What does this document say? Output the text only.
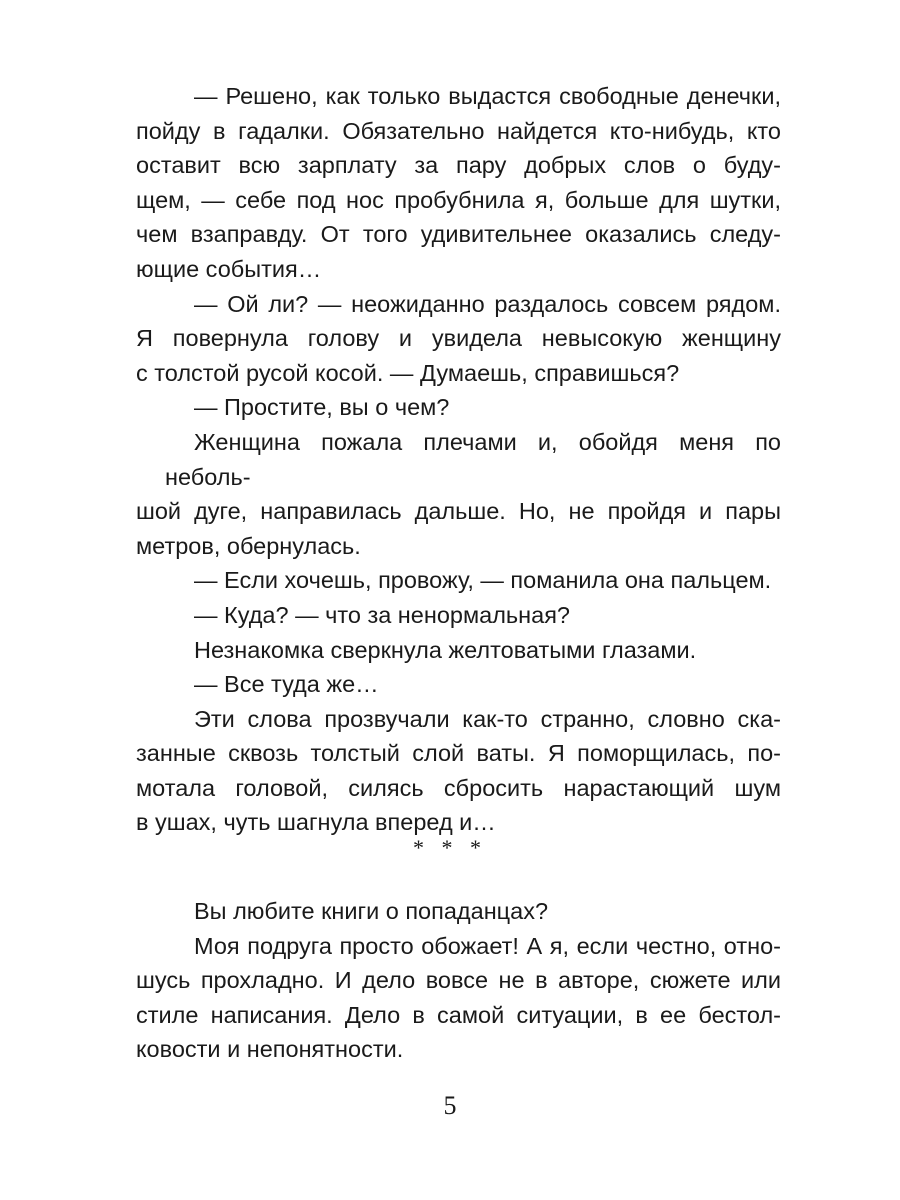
— Решено, как только выдастся свободные денечки,
пойду в гадалки. Обязательно найдется кто-нибудь, кто
оставит всю зарплату за пару добрых слов о буду-
щем, — себе под нос пробубнила я, больше для шутки,
чем взаправду. От того удивительнее оказались следу-
ющие события…
— Ой ли? — неожиданно раздалось совсем рядом.
Я повернула голову и увидела невысокую женщину
с толстой русой косой. — Думаешь, справишься?
— Простите, вы о чем?
Женщина пожала плечами и, обойдя меня по неболь-
шой дуге, направилась дальше. Но, не пройдя и пары
метров, обернулась.
— Если хочешь, провожу, — поманила она пальцем.
— Куда? — что за ненормальная?
Незнакомка сверкнула желтоватыми глазами.
— Все туда же…
Эти слова прозвучали как-то странно, словно ска-
занные сквозь толстый слой ваты. Я поморщилась, по-
мотала головой, силясь сбросить нарастающий шум
в ушах, чуть шагнула вперед и…
* * *
Вы любите книги о попаданцах?
Моя подруга просто обожает! А я, если честно, отно-
шусь прохладно. И дело вовсе не в авторе, сюжете или
стиле написания. Дело в самой ситуации, в ее бестол-
ковости и непонятности.
5
